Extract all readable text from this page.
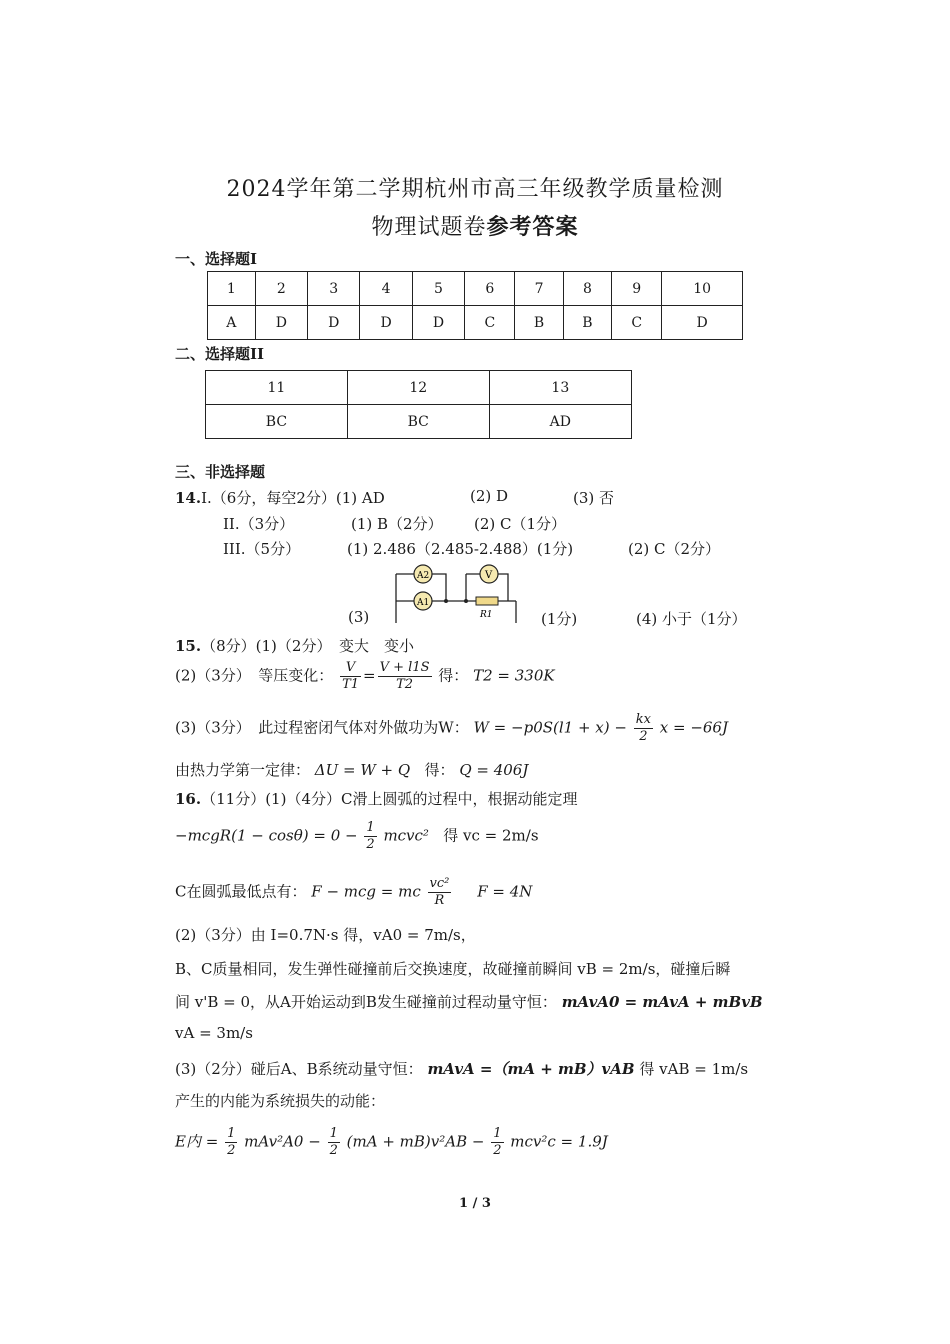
2024学年第二学期杭州市高三年级教学质量检测
物理试题卷参考答案
一、选择题I
1	2	3	4	5	6	7	8	9	10
A	D	D	D	D	C	B	B	C	D
二、选择题II
11	12	13
BC	BC	AD
三、非选择题
14.I.（6分，每空2分）(1) AD	(2) D	(3) 否
II.（3分）	(1) B（2分） (2) C（1分）
III.（5分）	(1) 2.486（2.485-2.488）(1分)	(2) C（2分）
(3)
A2
A1
V
R1	(1分)	(4) 小于（1分）
15.（8分）(1)（2分）　变大　变小
(2)（3分）　等压变化： $\frac{V}{T1} = \frac{V + l1S}{T2}$ 得： T2 = 330K
(3)（3分）　此过程密闭气体对外做功为W： $W = -p0S(l1 + x) - \frac{kx}{2}$ x = −66J
由热力学第一定律： ΔU = W + Q 得： Q = 406J
16.（11分）(1)（4分）C滑上圆弧的过程中，根据动能定理
−mcgR(1 − $\cos\theta) = 0 - \frac{1}{2}$ mcvc² 得 vc = 2m/s
C在圆弧最低点有： F − mcg = mc $\frac{\text{vc²}}{R}$ F = 4N
(2)（3分）由 I=0.7N·s 得，vA0 = 7m/s，
B、C质量相同，发生弹性碰撞前后交换速度，故碰撞前瞬间 vB = 2m/s，碰撞后瞬
间 v'B = 0，从A开始运动到B发生碰撞前过程动量守恒： mAvA0 = mAvA + mBvB
vA = 3m/s
(3)（2分）碰后A、B系统动量守恒： mAvA =（mA + mB）vAB 得 vAB = 1m/s
产生的内能为系统损失的动能：
E内 = $\frac{1}{2} mAv^2A0 - \frac{1}{2} (mA + mB)v^2AB - \frac{1}{2} mcv^2c = 1.9J$
1 / 3
